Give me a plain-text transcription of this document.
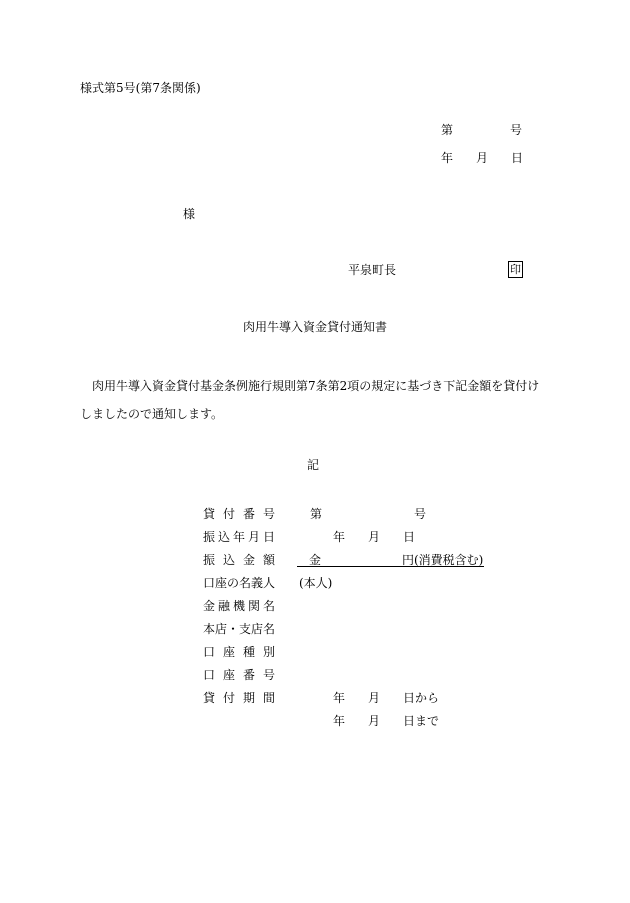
様式第5号(第7条関係)
第	号
年 月 日
様
平泉町長	印
肉用牛導入資金貸付通知書
肉用牛導入資金貸付基金条例施行規則第7条第2項の規定に基づき下記金額を貸付けしましたので通知します。
記
貸付番号	第	号
振込年月日	年 月 日
振込金額	金	円(消費税含む)
口座の名義人 (本人)
金融機関名
本店・支店名
口座種別
口座番号
貸付期間	年 月 日から
年 月 日まで
